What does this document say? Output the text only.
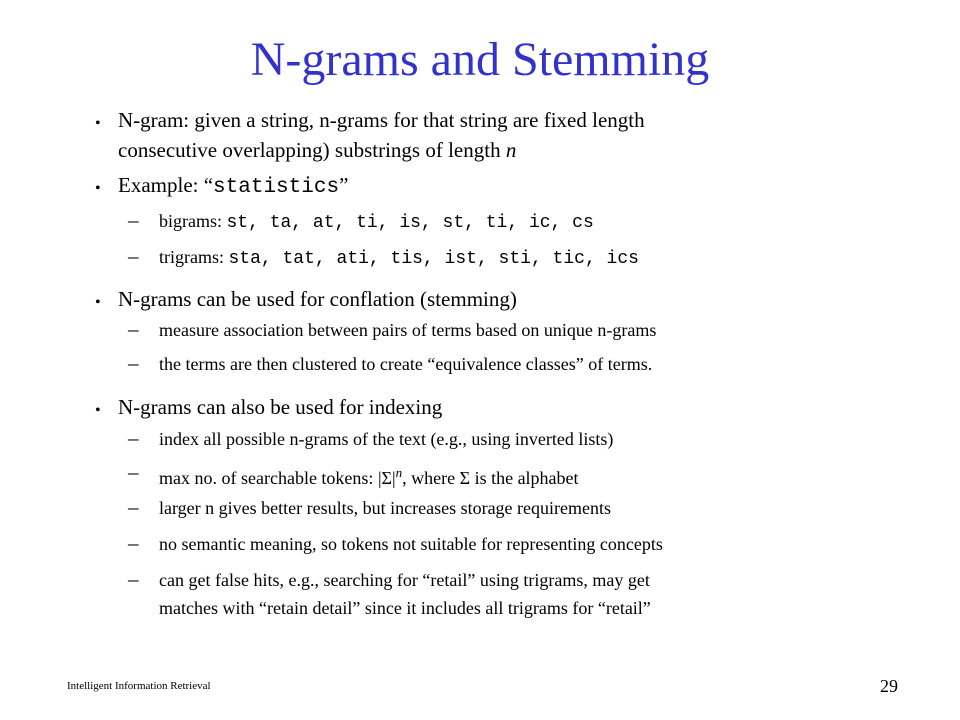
N-grams and Stemming
• N-gram: given a string, n-grams for that string are fixed length
consecutive overlapping) substrings of length n
• Example: “statistics”
– bigrams: st, ta, at, ti, is, st, ti, ic, cs
– trigrams: sta, tat, ati, tis, ist, sti, tic, ics
• N-grams can be used for conflation (stemming)
– measure association between pairs of terms based on unique n-grams
– the terms are then clustered to create “equivalence classes” of terms.
• N-grams can also be used for indexing
– index all possible n-grams of the text (e.g., using inverted lists)
– max no. of searchable tokens: $|\Sigma|^n$, where Σ is the alphabet
– larger n gives better results, but increases storage requirements
– no semantic meaning, so tokens not suitable for representing concepts
– can get false hits, e.g., searching for “retail” using trigrams, may get
matches with “retain detail” since it includes all trigrams for “retail”
Intelligent Information Retrieval	29
